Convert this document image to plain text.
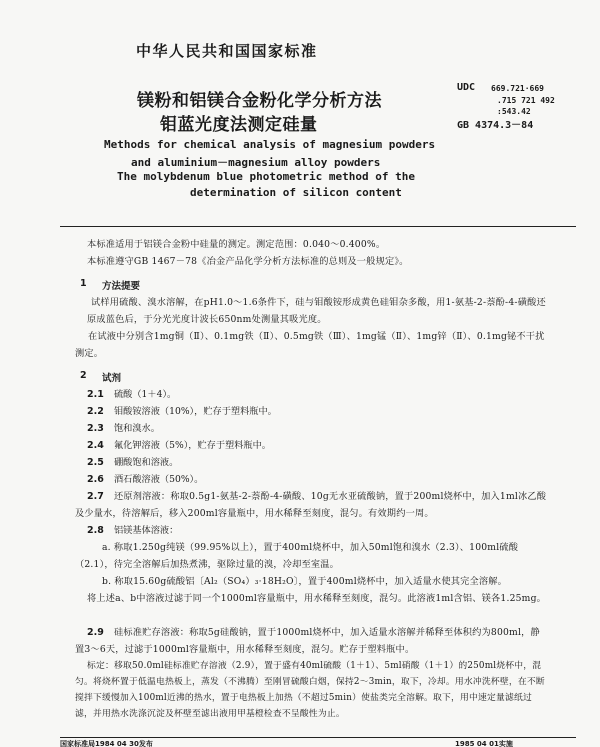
中华人民共和国国家标准
镁粉和铝镁合金粉化学分析方法
钼蓝光度法测定硅量
UDC 669.721·669
.715 721 492
:543.42
GB 4374.3－84
Methods for chemical analysis of magnesium powders
and aluminium－magnesium alloy powders
The molybdenum blue photometric method of the
determination of silicon content
本标准适用于铝镁合金粉中硅量的测定。测定范围：0.040～0.400%。
本标准遵守GB 1467－78《冶金产品化学分析方法标准的总则及一般规定》。
1 方法提要
试样用硫酸、溴水溶解，在pH1.0～1.6条件下，硅与钼酸铵形成黄色硅钼杂多酸，用1-氨基-2-萘酚-4-磺酸还原成蓝色后，于分光光度计波长650nm处测量其吸光度。
在试液中分别含1mg铜（Ⅱ）、0.1mg铁（Ⅱ）、0.5mg铁（Ⅲ）、1mg锰（Ⅱ）、1mg锌（Ⅱ）、0.1mg铋不干扰测定。
2 试剂
2.1 硫酸（1＋4）。
2.2 钼酸铵溶液（10%），贮存于塑料瓶中。
2.3 饱和溴水。
2.4 氟化钾溶液（5%），贮存于塑料瓶中。
2.5 硼酸饱和溶液。
2.6 酒石酸溶液（50%）。
2.7	还原剂溶液：称取0.5g1-氨基-2-萘酚-4-磺酸、10g无水亚硫酸钠，置于200ml烧杯中，加入1ml冰乙酸及少量水，待溶解后，移入200ml容量瓶中，用水稀释至刻度，混匀。有效期约一周。
2.8 铝镁基体溶液：
a. 称取1.250g纯镁（99.95%以上），置于400ml烧杯中，加入50ml饱和溴水（2.3）、100ml硫酸（2.1），待完全溶解后加热煮沸，驱除过量的溴，冷却至室温。
b. 称取15.60g硫酸铝〔Al₂（SO₄）₃·18H₂O〕，置于400ml烧杯中，加入适量水使其完全溶解。
将上述a、b中溶液过滤于同一个1000ml容量瓶中，用水稀释至刻度，混匀。此溶液1ml含铝、镁各1.25mg。
2.9	硅标准贮存溶液：称取5g硅酸钠，置于1000ml烧杯中，加入适量水溶解并稀释至体积约为800ml，静置3～6天，过滤于1000ml容量瓶中，用水稀释至刻度，混匀。贮存于塑料瓶中。
标定：移取50.0ml硅标准贮存溶液（2.9），置于盛有40ml硫酸（1＋1）、5ml硝酸（1＋1）的250ml烧杯中，混匀。将烧杯置于低温电热板上，蒸发（不沸腾）至刚冒硫酸白烟，保持2～3min，取下，冷却。用水冲洗杯壁，在不断搅拌下缓慢加入100ml近沸的热水，置于电热板上加热（不超过5min）使盐类完全溶解。取下，用中速定量滤纸过滤，并用热水洗涤沉淀及杯壁至滤出液用甲基橙检查不呈酸性为止。
国家标准局1984 04 30发布	1985 04 01实施
